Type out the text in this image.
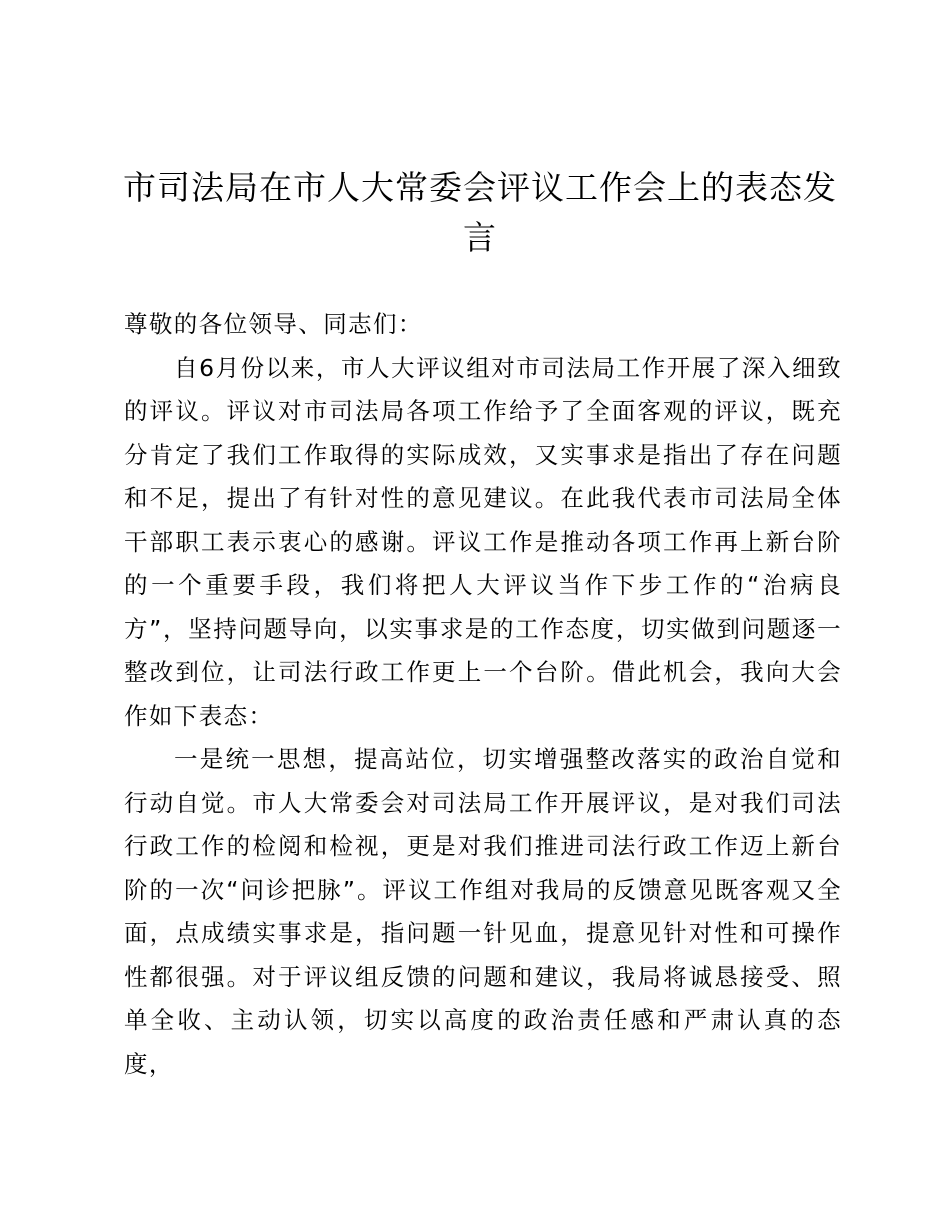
市司法局在市人大常委会评议工作会上的表态发言

尊敬的各位领导、同志们：

自6月份以来，市人大评议组对市司法局工作开展了深入细致的评议。评议对市司法局各项工作给予了全面客观的评议，既充分肯定了我们工作取得的实际成效，又实事求是指出了存在问题和不足，提出了有针对性的意见建议。在此我代表市司法局全体干部职工表示衷心的感谢。评议工作是推动各项工作再上新台阶的一个重要手段，我们将把人大评议当作下步工作的“治病良方”，坚持问题导向，以实事求是的工作态度，切实做到问题逐一整改到位，让司法行政工作更上一个台阶。借此机会，我向大会作如下表态：

一是统一思想，提高站位，切实增强整改落实的政治自觉和行动自觉。市人大常委会对司法局工作开展评议，是对我们司法行政工作的检阅和检视，更是对我们推进司法行政工作迈上新台阶的一次“问诊把脉”。评议工作组对我局的反馈意见既客观又全面，点成绩实事求是，指问题一针见血，提意见针对性和可操作性都很强。对于评议组反馈的问题和建议，我局将诚恳接受、照单全收、主动认领，切实以高度的政治责任感和严肃认真的态度，
